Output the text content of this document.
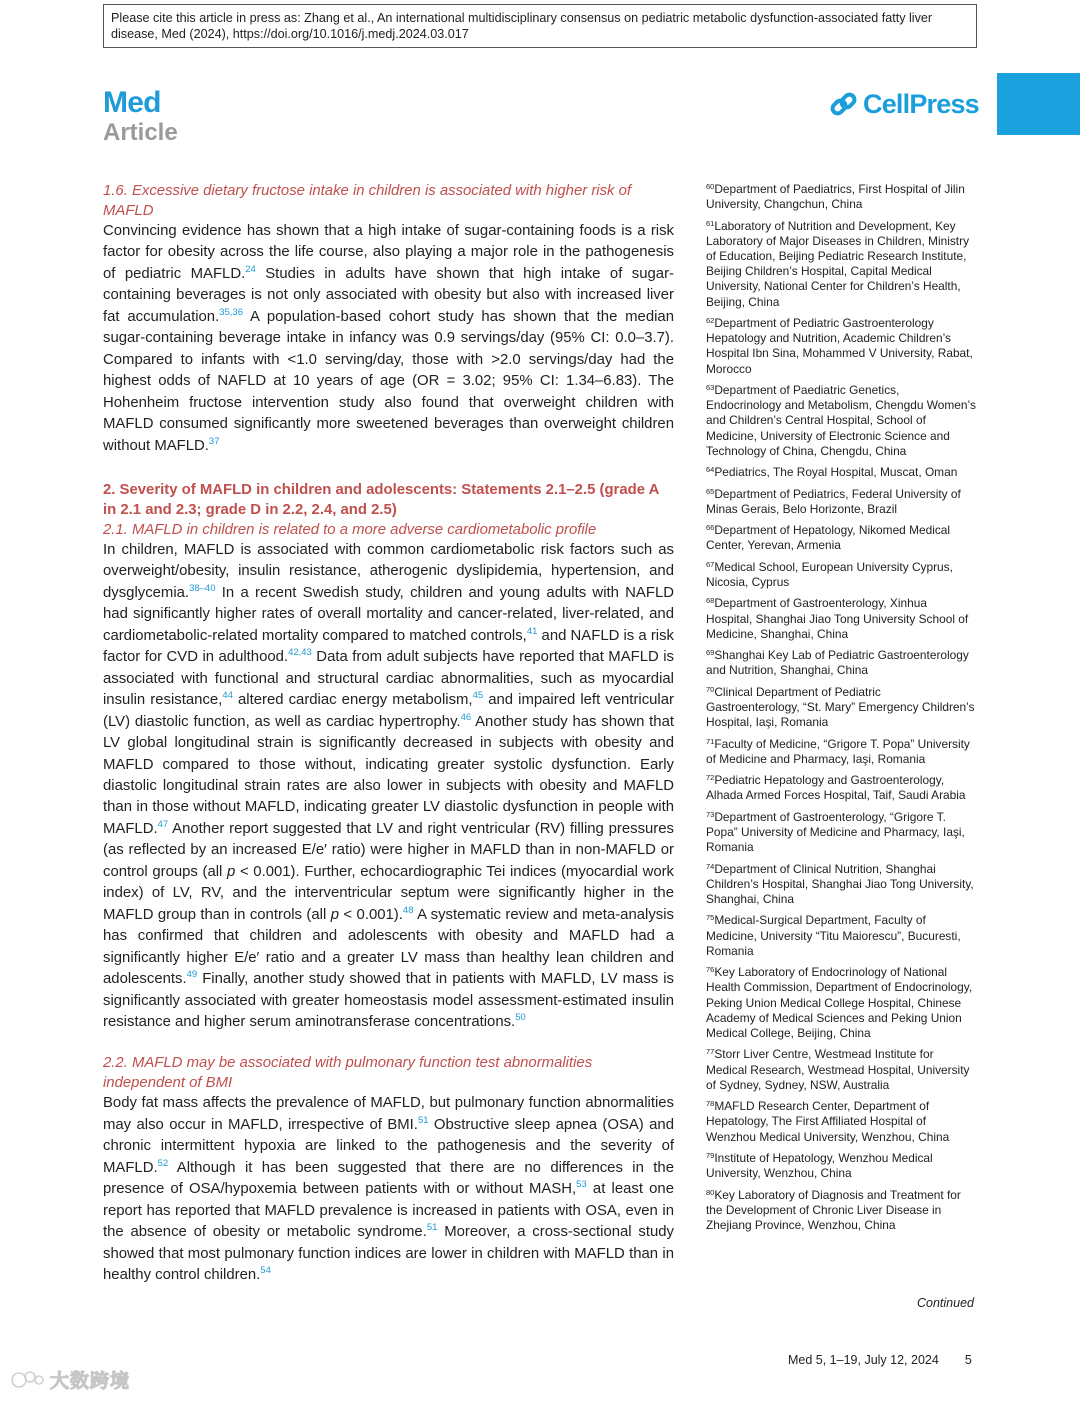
Please cite this article in press as: Zhang et al., An international multidisciplinary consensus on pediatric metabolic dysfunction-associated fatty liver disease, Med (2024), https://doi.org/10.1016/j.medj.2024.03.017
Med
Article
CellPress
1.6. Excessive dietary fructose intake in children is associated with higher risk of MAFLD

Convincing evidence has shown that a high intake of sugar-containing foods is a risk factor for obesity across the life course, also playing a major role in the pathogenesis of pediatric MAFLD.$^{24}$ Studies in adults have shown that high intake of sugar-containing beverages is not only associated with obesity but also with increased liver fat accumulation.$^{35,36}$ A population-based cohort study has shown that the median sugar-containing beverage intake in infancy was 0.9 servings/day (95% CI: 0.0–3.7). Compared to infants with <1.0 serving/day, those with >2.0 servings/day had the highest odds of NAFLD at 10 years of age (OR = 3.02; 95% CI: 1.34–6.83). The Hohenheim fructose intervention study also found that overweight children with MAFLD consumed significantly more sweetened beverages than overweight children without MAFLD.$^{37}$

2. Severity of MAFLD in children and adolescents: Statements 2.1–2.5 (grade A in 2.1 and 2.3; grade D in 2.2, 2.4, and 2.5)
2.1. MAFLD in children is related to a more adverse cardiometabolic profile

In children, MAFLD is associated with common cardiometabolic risk factors such as overweight/obesity, insulin resistance, atherogenic dyslipidemia, hypertension, and dysglycemia.$^{38-40}$ In a recent Swedish study, children and young adults with NAFLD had significantly higher rates of overall mortality and cancer-related, liver-related, and cardiometabolic-related mortality compared to matched controls,$^{41}$ and NAFLD is a risk factor for CVD in adulthood.$^{42,43}$ Data from adult subjects have reported that MAFLD is associated with functional and structural cardiac abnormalities, such as myocardial insulin resistance,$^{44}$ altered cardiac energy metabolism,$^{45}$ and impaired left ventricular (LV) diastolic function, as well as cardiac hypertrophy.$^{46}$ Another study has shown that LV global longitudinal strain is significantly decreased in subjects with obesity and MAFLD compared to those without, indicating greater systolic dysfunction. Early diastolic longitudinal strain rates are also lower in subjects with obesity and MAFLD than in those without MAFLD, indicating greater LV diastolic dysfunction in people with MAFLD.$^{47}$ Another report suggested that LV and right ventricular (RV) filling pressures (as reflected by an increased E/e′ ratio) were higher in MAFLD than in non-MAFLD or control groups (all p < 0.001). Further, echocardiographic Tei indices (myocardial work index) of LV, RV, and the interventricular septum were significantly higher in the MAFLD group than in controls (all p < 0.001).$^{48}$ A systematic review and meta-analysis has confirmed that children and adolescents with obesity and MAFLD had a significantly higher E/e′ ratio and a greater LV mass than healthy lean children and adolescents.$^{49}$ Finally, another study showed that in patients with MAFLD, LV mass is significantly associated with greater homeostasis model assessment-estimated insulin resistance and higher serum aminotransferase concentrations.$^{50}$

2.2. MAFLD may be associated with pulmonary function test abnormalities independent of BMI

Body fat mass affects the prevalence of MAFLD, but pulmonary function abnormalities may also occur in MAFLD, irrespective of BMI.$^{51}$ Obstructive sleep apnea (OSA) and chronic intermittent hypoxia are linked to the pathogenesis and the severity of MAFLD.$^{52}$ Although it has been suggested that there are no differences in the presence of OSA/hypoxemia between patients with or without MASH,$^{53}$ at least one report has reported that MAFLD prevalence is increased in patients with OSA, even in the absence of obesity or metabolic syndrome.$^{51}$ Moreover, a cross-sectional study showed that most pulmonary function indices are lower in children with MAFLD than in healthy control children.$^{54}$

$^{60}$Department of Paediatrics, First Hospital of Jilin University, Changchun, China
$^{61}$Laboratory of Nutrition and Development, Key Laboratory of Major Diseases in Children, Ministry of Education, Beijing Pediatric Research Institute, Beijing Children’s Hospital, Capital Medical University, National Center for Children’s Health, Beijing, China
$^{62}$Department of Pediatric Gastroenterology Hepatology and Nutrition, Academic Children’s Hospital Ibn Sina, Mohammed V University, Rabat, Morocco
$^{63}$Department of Paediatric Genetics, Endocrinology and Metabolism, Chengdu Women’s and Children’s Central Hospital, School of Medicine, University of Electronic Science and Technology of China, Chengdu, China
$^{64}$Pediatrics, The Royal Hospital, Muscat, Oman
$^{65}$Department of Pediatrics, Federal University of Minas Gerais, Belo Horizonte, Brazil
$^{66}$Department of Hepatology, Nikomed Medical Center, Yerevan, Armenia
$^{67}$Medical School, European University Cyprus, Nicosia, Cyprus
$^{68}$Department of Gastroenterology, Xinhua Hospital, Shanghai Jiao Tong University School of Medicine, Shanghai, China
$^{69}$Shanghai Key Lab of Pediatric Gastroenterology and Nutrition, Shanghai, China
$^{70}$Clinical Department of Pediatric Gastroenterology, “St. Mary” Emergency Children’s Hospital, Iaşi, Romania
$^{71}$Faculty of Medicine, “Grigore T. Popa” University of Medicine and Pharmacy, Iaşi, Romania
$^{72}$Pediatric Hepatology and Gastroenterology, Alhada Armed Forces Hospital, Taif, Saudi Arabia
$^{73}$Department of Gastroenterology, “Grigore T. Popa” University of Medicine and Pharmacy, Iaşi, Romania
$^{74}$Department of Clinical Nutrition, Shanghai Children’s Hospital, Shanghai Jiao Tong University, Shanghai, China
$^{75}$Medical-Surgical Department, Faculty of Medicine, University “Titu Maiorescu”, Bucuresti, Romania
$^{76}$Key Laboratory of Endocrinology of National Health Commission, Department of Endocrinology, Peking Union Medical College Hospital, Chinese Academy of Medical Sciences and Peking Union Medical College, Beijing, China
$^{77}$Storr Liver Centre, Westmead Institute for Medical Research, Westmead Hospital, University of Sydney, Sydney, NSW, Australia
$^{78}$MAFLD Research Center, Department of Hepatology, The First Affiliated Hospital of Wenzhou Medical University, Wenzhou, China
$^{79}$Institute of Hepatology, Wenzhou Medical University, Wenzhou, China
$^{80}$Key Laboratory of Diagnosis and Treatment for the Development of Chronic Liver Disease in Zhejiang Province, Wenzhou, China
Continued
Med 5, 1–19, July 12, 2024 5
大数跨境
